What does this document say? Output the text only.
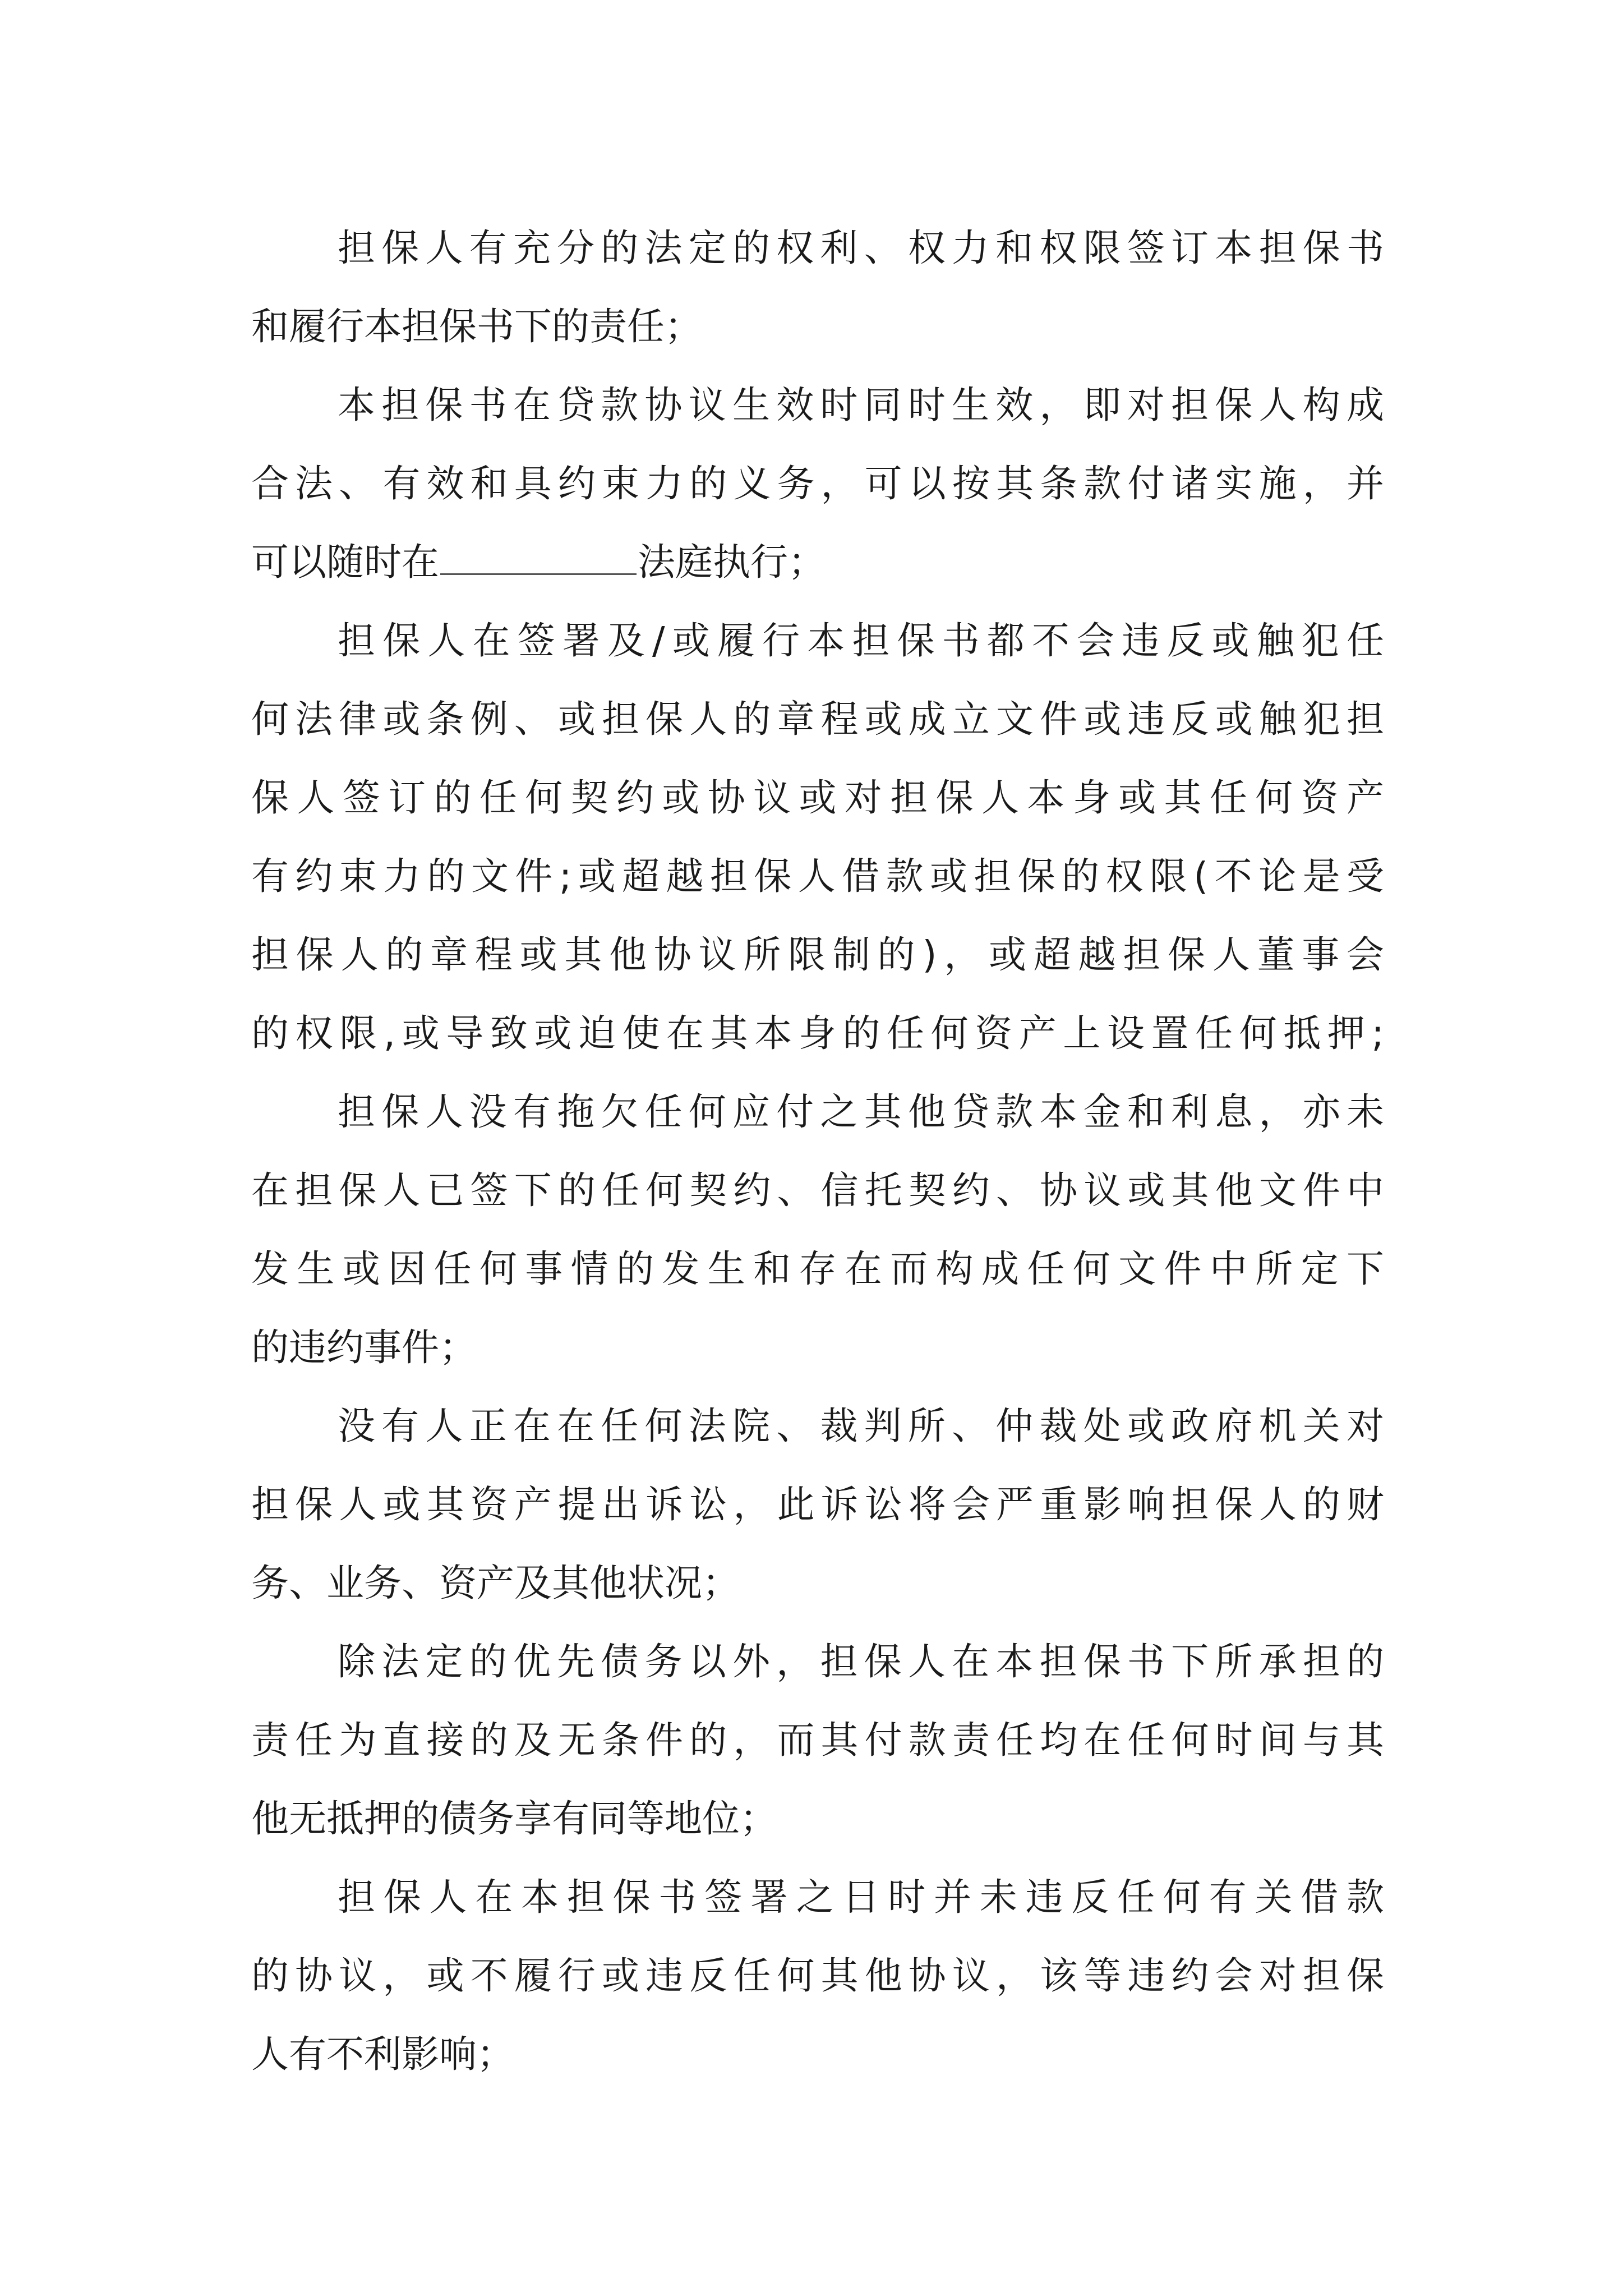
担保人有充分的法定的权利、权力和权限签订本担保书
和履行本担保书下的责任；
本担保书在贷款协议生效时同时生效，即对担保人构成
合法、有效和具约束力的义务，可以按其条款付诸实施，并
可以随时在	法庭执行；
担保人在签署及/或履行本担保书都不会违反或触犯任
何法律或条例、或担保人的章程或成立文件或违反或触犯担
保人签订的任何契约或协议或对担保人本身或其任何资产
有约束力的文件;或超越担保人借款或担保的权限(不论是受
担保人的章程或其他协议所限制的)，或超越担保人董事会
的权限,或导致或迫使在其本身的任何资产上设置任何抵押;
担保人没有拖欠任何应付之其他贷款本金和利息，亦未
在担保人已签下的任何契约、信托契约、协议或其他文件中
发生或因任何事情的发生和存在而构成任何文件中所定下
的违约事件；
没有人正在在任何法院、裁判所、仲裁处或政府机关对
担保人或其资产提出诉讼，此诉讼将会严重影响担保人的财
务、业务、资产及其他状况；
除法定的优先债务以外，担保人在本担保书下所承担的
责任为直接的及无条件的，而其付款责任均在任何时间与其
他无抵押的债务享有同等地位；
担保人在本担保书签署之日时并未违反任何有关借款
的协议，或不履行或违反任何其他协议，该等违约会对担保
人有不利影响；
